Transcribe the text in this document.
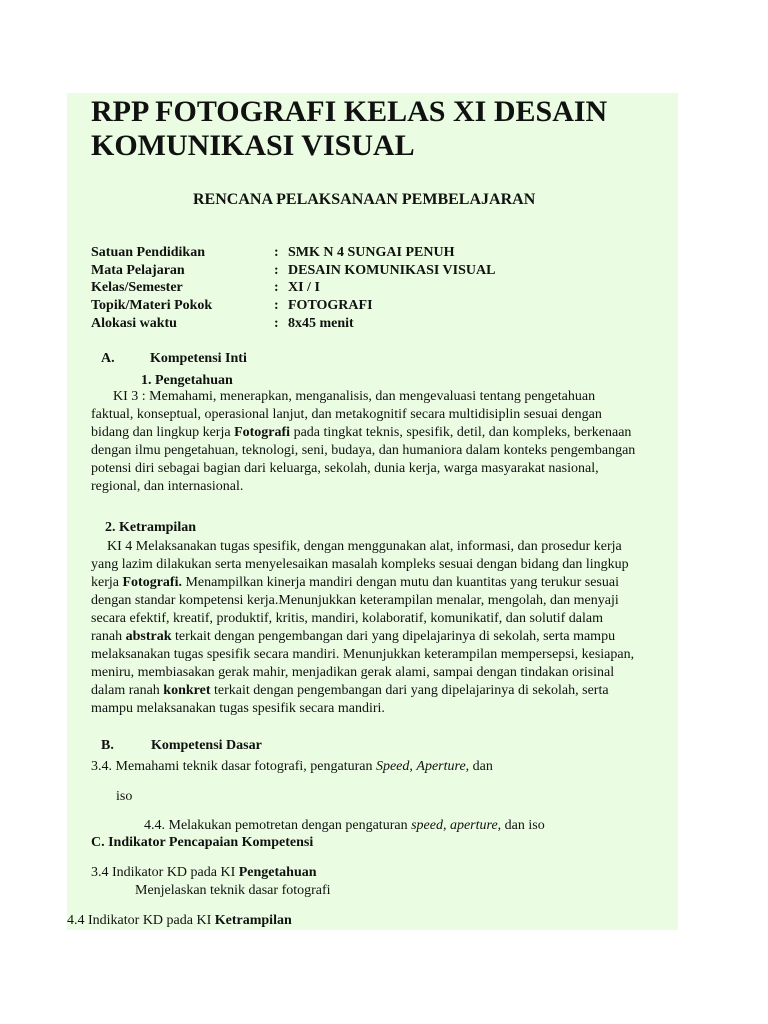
RPP FOTOGRAFI KELAS XI DESAIN KOMUNIKASI VISUAL
RENCANA PELAKSANAAN PEMBELAJARAN
Satuan Pendidikan	: SMK N 4 SUNGAI PENUH
Mata Pelajaran	: DESAIN KOMUNIKASI VISUAL
Kelas/Semester	: XI / I
Topik/Materi Pokok	: FOTOGRAFI
Alokasi waktu	: 8x45 menit
A.	Kompetensi Inti
1. Pengetahuan
KI 3 : Memahami, menerapkan, menganalisis, dan mengevaluasi tentang pengetahuan
faktual, konseptual, operasional lanjut, dan metakognitif secara multidisiplin sesuai dengan
bidang dan lingkup kerja Fotografi pada tingkat teknis, spesifik, detil, dan kompleks, berkenaan
dengan ilmu pengetahuan, teknologi, seni, budaya, dan humaniora dalam konteks pengembangan
potensi diri sebagai bagian dari keluarga, sekolah, dunia kerja, warga masyarakat nasional,
regional, dan internasional.
2. Ketrampilan
KI 4 Melaksanakan tugas spesifik, dengan menggunakan alat, informasi, dan prosedur kerja
yang lazim dilakukan serta menyelesaikan masalah kompleks sesuai dengan bidang dan lingkup
kerja Fotografi. Menampilkan kinerja mandiri dengan mutu dan kuantitas yang terukur sesuai
dengan standar kompetensi kerja.Menunjukkan keterampilan menalar, mengolah, dan menyaji
secara efektif, kreatif, produktif, kritis, mandiri, kolaboratif, komunikatif, dan solutif dalam
ranah abstrak terkait dengan pengembangan dari yang dipelajarinya di sekolah, serta mampu
melaksanakan tugas spesifik secara mandiri. Menunjukkan keterampilan mempersepsi, kesiapan,
meniru, membiasakan gerak mahir, menjadikan gerak alami, sampai dengan tindakan orisinal
dalam ranah konkret terkait dengan pengembangan dari yang dipelajarinya di sekolah, serta
mampu melaksanakan tugas spesifik secara mandiri.
B.	Kompetensi Dasar
3.4. Memahami teknik dasar fotografi, pengaturan Speed, Aperture, dan
iso
4.4. Melakukan pemotretan dengan pengaturan speed, aperture, dan iso
C. Indikator Pencapaian Kompetensi
3.4 Indikator KD pada KI Pengetahuan
Menjelaskan teknik dasar fotografi
4.4 Indikator KD pada KI Ketrampilan
